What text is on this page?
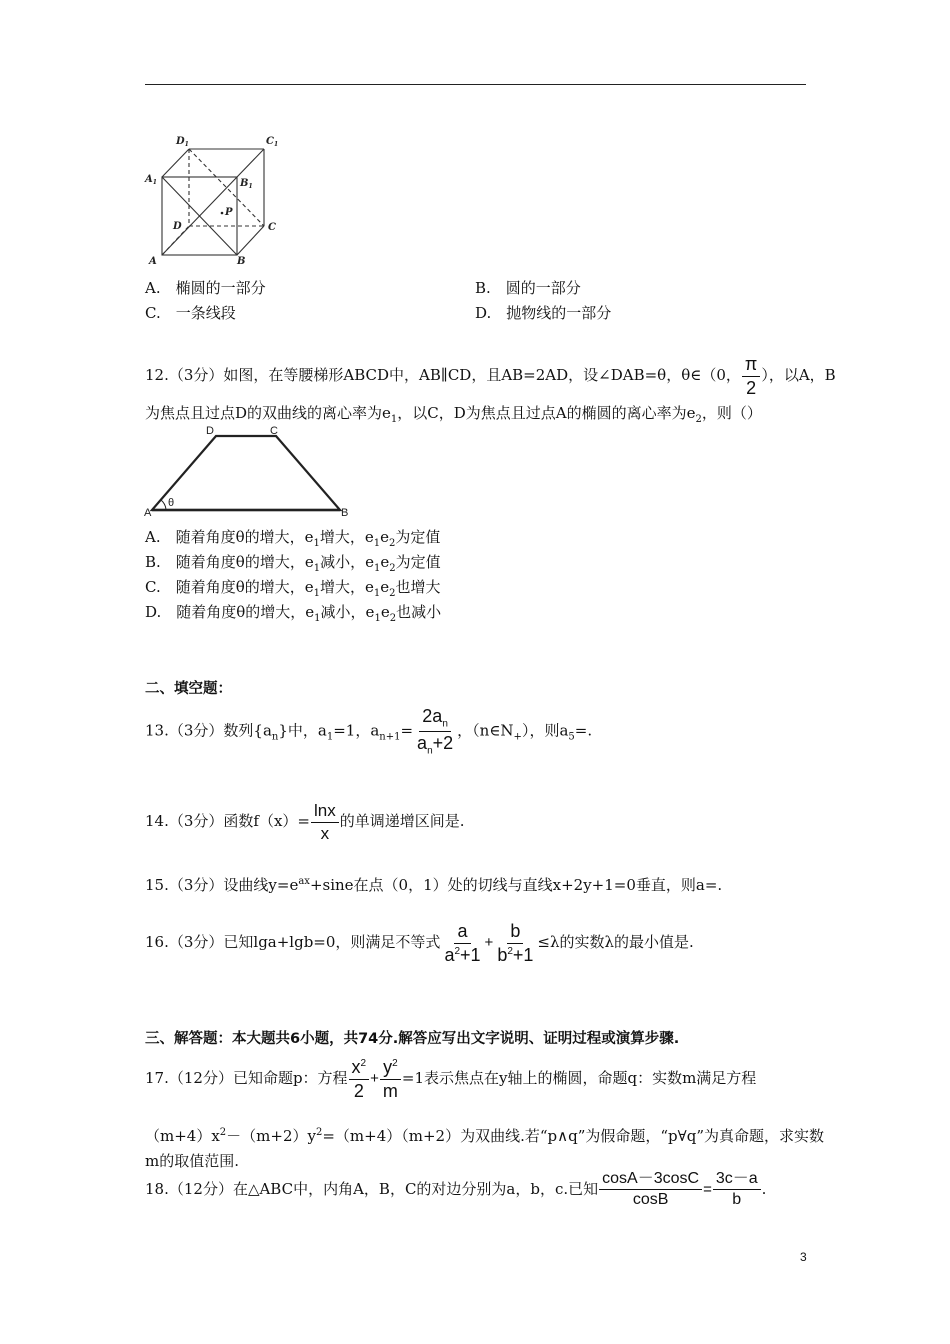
$D_1$	$C_1$
$A_1$	$B_1$
P
D	C
A	B
A.　椭圆的一部分	B.　圆的一部分
C.　一条线段	D.　抛物线的一部分
12.（3分）如图，在等腰梯形ABCD中，AB∥CD，且AB=2AD，设∠DAB=θ，θ∈（0， $\frac{\pi}{2}$ ），以A，B
为焦点且过点D的双曲线的离心率为$e_1$，以C，D为焦点且过点A的椭圆的离心率为$e_2$，则（）
D	C
A	B
θ
A.　随着角度θ的增大，$e_1$增大，$e_1e_2$为定值
B.　随着角度θ的增大，$e_1$减小，$e_1e_2$为定值
C.　随着角度θ的增大，$e_1$增大，$e_1e_2$也增大
D.　随着角度θ的增大，$e_1$减小，$e_1e_2$也减小
二、填空题：
13.（3分）数列$\{a_n\}$中，$a_1=1$，$a_{n+1}= \frac{2a_n}{a_n+2}$ ，$(n\in N_+)$，则$a_5=$.
14.（3分）函数$f(x)= \frac{\ln x}{x}$ 的单调递增区间是.
15.（3分）设曲线$y=e^{ax}+\sin e$在点（0，1）处的切线与直线x+2y+1=0垂直，则a=.
16.（3分）已知lga+lgb=0，则满足不等式 $\frac{a}{a^2+1} + \frac{b}{b^2+1} \le\lambda$的实数λ的最小值是.
三、解答题：本大题共6小题，共74分.解答应写出文字说明、证明过程或演算步骤.
17.（12分）已知命题p：方程 $\frac{x^2}{2} + \frac{y^2}{m} =1$表示焦点在y轴上的椭圆，命题q：实数m满足方程
$(m+4)x^2-(m+2)y^2=(m+4)(m+2)$为双曲线.若“p∧q”为假命题，“p∀q”为真命题，求实数
m的取值范围.
18.（12分）在△ABC中，内角A，B，C的对边分别为a，b，c.已知 $\frac{\cos A-3\cos C}{\cos B} = \frac{3c-a}{b}$ .
3
